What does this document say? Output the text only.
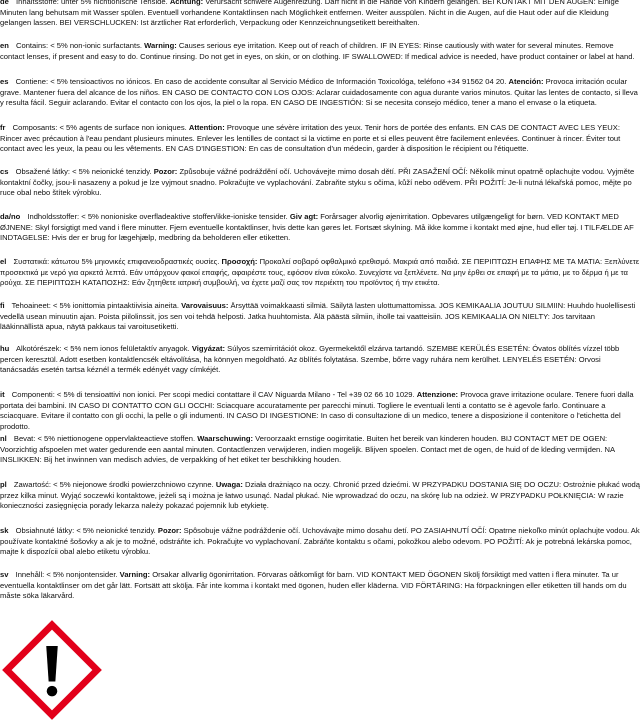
de Inhaltsstoffe: unter 5% nichtionische Tenside. Achtung: Verursacht schwere Augenreizung. Darf nicht in die Hände von Kindern gelangen. BEI KONTAKT MIT DEN AUGEN: Einige Minuten lang behutsam mit Wasser spülen. Eventuell vorhandene Kontaktlinsen nach Möglichkeit entfernen. Weiter ausspülen. Nicht in die Augen, auf die Haut oder auf die Kleidung gelangen lassen. BEI VERSCHLUCKEN: Ist ärztlicher Rat erforderlich, Verpackung oder Kennzeichnungsetikett bereithalten.
en Contains: < 5% non-ionic surfactants. Warning: Causes serious eye irritation. Keep out of reach of children. IF IN EYES: Rinse cautiously with water for several minutes. Remove contact lenses, if present and easy to do. Continue rinsing. Do not get in eyes, on skin, or on clothing. IF SWALLOWED: If medical advice is needed, have product container or label at hand.
es Contiene: < 5% tensioactivos no iónicos. En caso de accidente consultar al Servicio Médico de Información Toxicológa, teléfono +34 91562 04 20. Atención: Provoca irritación ocular grave. Mantener fuera del alcance de los niños. EN CASO DE CONTACTO CON LOS OJOS: Aclarar cuidadosamente con agua durante varios minutos. Quitar las lentes de contacto, si lleva y resulta fácil. Seguir aclarando. Evitar el contacto con los ojos, la piel o la ropa. EN CASO DE INGESTIÓN: Si se necesita consejo médico, tener a mano el envase o la etiqueta.
fr Composants: < 5% agents de surface non ioniques. Attention: Provoque une sévère irritation des yeux. Tenir hors de portée des enfants. EN CAS DE CONTACT AVEC LES YEUX: Rincer avec précaution à l'eau pendant plusieurs minutes. Enlever les lentilles de contact si la victime en porte et si elles peuvent être facilement enlevées. Continuer à rincer. Éviter tout contact avec les yeux, la peau ou les vêtements. EN CAS D'INGESTION: En cas de consultation d'un médecin, garder à disposition le récipient ou l'étiquette.
cs Obsažené látky: < 5% neionické tenzidy. Pozor: Způsobuje vážné podráždění očí. Uchovávejte mimo dosah dětí. PŘI ZASAŽENÍ OČÍ: Několik minut opatrně oplachujte vodou. Vyjměte kontaktní čočky, jsou-li nasazeny a pokud je lze vyjmout snadno. Pokračujte ve vyplachování. Zabraňte styku s očima, kůží nebo oděvem. PŘI POŽITÍ: Je-li nutná lékařská pomoc, mějte po ruce obal nebo štítek výrobku.
da/no Indholdsstoffer: < 5% nonioniske overfladeaktive stoffen/ikke-ioniske tensider. Giv agt: Forårsager alvorlig øjenirritation. Opbevares utilgængeligt for børn. VED KONTAKT MED ØJNENE: Skyl forsigtigt med vand i flere minutter. Fjern eventuelle kontaktlinser, hvis dette kan gøres let. Fortsæt skylning. Må ikke komme i kontakt med øjne, hud eller tøj. I TILFÆLDE AF INDTAGELSE: Hvis der er brug for lægehjælp, medbring da beholderen eller etiketten.
el Συστατικά: κάτωτου 5% μηιονικές επιφανειοδραστικές ουσίες. Προσοχή: Προκαλεί σοβαρό οφθαλμικό ερεθισμό. Μακριά από παιδιά. ΣΕ ΠΕΡΙΠΤΩΣΗ ΕΠΑΦΗΣ ΜΕ ΤΑ ΜΑΤΙΑ: Ξεπλύνετε προσεκτικά με νερό για αρκετά λεπτά. Εάν υπάρχουν φακοί επαφής, αφαιρέστε τους, εφόσον είναι εύκολο. Συνεχίστε να ξεπλένετε. Να μην έρθει σε επαφή με τα μάτια, με το δέρμα ή με τα ρούχα. ΣΕ ΠΕΡΙΠΤΩΣΗ ΚΑΤΑΠΟΣΗΣ: Εάν ζητηθετε ιατρική συμβουλή, να έχετε μαζί σας τον περιέκτη του προϊόντος ή την ετικέτα.
fi Tehoaineet: < 5% ionittomia pintaaktiivisia aineita. Varovaisuus: Ärsyttää voimakkaasti silmiä. Säilytä lasten ulottumattomissa. JOS KEMIKAALIA JOUTUU SILMIIN: Huuhdo huolellisesti vedellä usean minuutin ajan. Poista piilolinssit, jos sen voi tehdä helposti. Jatka huuhtomista. Älä päästä silmiin, iholle tai vaatteisiin. JOS KEMIKAALIA ON NIELTY: Jos tarvitaan lääkinnällistä apua, näytä pakkaus tai varoitusetiketti.
hu Alkotórészek: < 5% nem ionos felületaktív anyagok. Vigyázat: Súlyos szemirritációt okoz. Gyermekektől elzárva tartandó. SZEMBE KERÜLÉS ESETÉN: Óvatos öblítés vízzel több percen keresztül. Adott esetben kontaktlencsék eltávolítása, ha könnyen megoldható. Az öblítés folytatása. Szembe, bőrre vagy ruhára nem kerülhet. LENYELÉS ESETÉN: Orvosi tanácsadás esetén tartsa kéznél a termék edényét vagy címkéjét.
it Componenti: < 5% di tensioattivi non ionici. Per scopi medici contattare il CAV Niguarda Milano - Tel +39 02 66 10 1029. Attenzione: Provoca grave irritazione oculare. Tenere fuori dalla portata dei bambini. IN CASO DI CONTATTO CON GLI OCCHI: Sciacquare accuratamente per parecchi minuti. Togliere le eventuali lenti a contatto se è agevole farlo. Continuare a sciacquare. Evitare il contatto con gli occhi, la pelle o gli indumenti. IN CASO DI INGESTIONE: In caso di consultazione di un medico, tenere a disposizione il contenitore o l'etichetta del prodotto.
nl Bevat: < 5% niettionogene oppervlakteactieve stoffen. Waarschuwing: Veroorzaakt ernstige oogirritatie. Buiten het bereik van kinderen houden. BIJ CONTACT MET DE OGEN: Voorzichtig afspoelen met water gedurende een aantal minuten. Contactlenzen verwijderen, indien mogelijk. Blijven spoelen. Contact met de ogen, de huid of de kleding vermijden. NA INSLIKKEN: Bij het inwinnen van medisch advies, de verpakking of het etiket ter beschikking houden.
pl Zawartość: < 5% niejonowe środki powierzchniowo czynne. Uwaga: Działa drażniąco na oczy. Chronić przed dziećmi. W PRZYPADKU DOSTANIA SIĘ DO OCZU: Ostrożnie płukać wodą przez kilka minut. Wyjąć soczewki kontaktowe, jeżeli są i można je łatwo usunąć. Nadal płukać. Nie wprowadzać do oczu, na skórę lub na odzież. W PRZYPADKU POŁKNIĘCIA: W razie konieczności zasięgnięcia porady lekarza należy pokazać pojemnik lub etykietę.
sk Obsiahnuté látky: < 5% neionické tenzidy. Pozor: Spôsobuje vážne podráždenie očí. Uchovávajte mimo dosahu detí. PO ZASIAHNUTÍ OČÍ: Opatrne niekoľko minút oplachujte vodou. Ak používate kontaktné šošovky a ak je to možné, odstráňte ich. Pokračujte vo vyplachovaní. Zabráňte kontaktu s očami, pokožkou alebo odevom. PO POŽITÍ: Ak je potrebná lekárska pomoc, majte k dispozícii obal alebo etiketu výrobku.
sv Innehåll: < 5% nonjontensider. Varning: Orsakar allvarlig ögonirritation. Förvaras oåtkomligt för barn. VID KONTAKT MED ÖGONEN Skölj försiktigt med vatten i flera minuter. Ta ur eventuella kontaktlinser om det går lätt. Fortsätt att skölja. Får inte komma i kontakt med ögonen, huden eller kläderna. VID FÖRTÄRING: Ha förpackningen eller etiketten till hands om du måste söka läkarvård.
